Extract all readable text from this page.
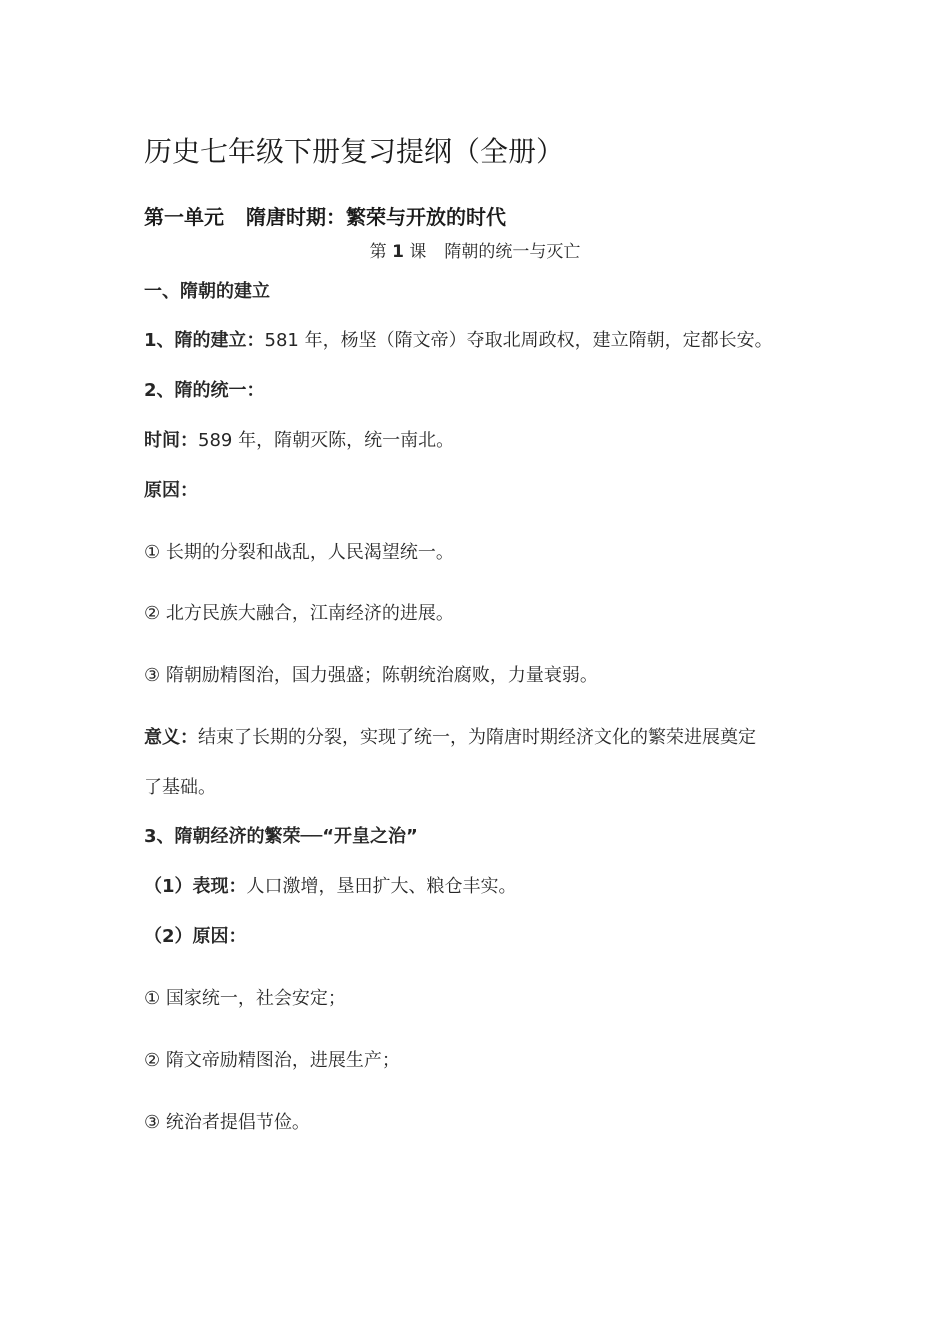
历史七年级下册复习提纲（全册）
第一单元 隋唐时期：繁荣与开放的时代
第 1 课 隋朝的统一与灭亡
一、隋朝的建立
1、隋的建立：581 年，杨坚（隋文帝）夺取北周政权，建立隋朝，定都长安。
2、隋的统一：
时间：589 年，隋朝灭陈，统一南北。
原因：
① 长期的分裂和战乱，人民渴望统一。
② 北方民族大融合，江南经济的进展。
③ 隋朝励精图治，国力强盛；陈朝统治腐败，力量衰弱。
意义：结束了长期的分裂，实现了统一，为隋唐时期经济文化的繁荣进展奠定
了基础。
3、隋朝经济的繁荣──“开皇之治”
（1）表现：人口激增，垦田扩大、粮仓丰实。
（2）原因：
① 国家统一，社会安定；
② 隋文帝励精图治，进展生产；
③ 统治者提倡节俭。
